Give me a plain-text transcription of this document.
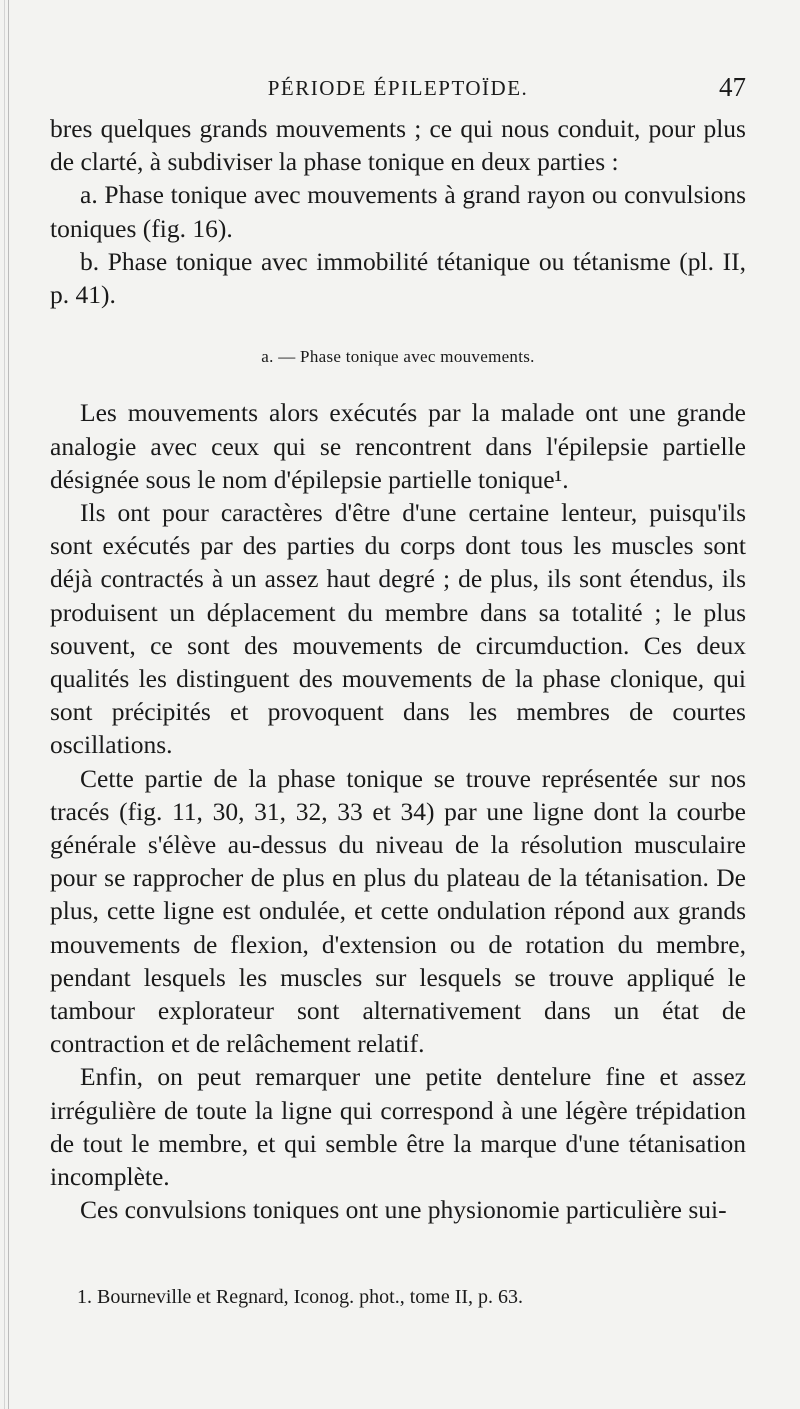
PÉRIODE ÉPILEPTOÏDE.	47

bres quelques grands mouvements ; ce qui nous conduit, pour plus de clarté, à subdiviser la phase tonique en deux parties :

a. Phase tonique avec mouvements à grand rayon ou convulsions toniques (fig. 16).

b. Phase tonique avec immobilité tétanique ou tétanisme (pl. II, p. 41).

a. — Phase tonique avec mouvements.

Les mouvements alors exécutés par la malade ont une grande analogie avec ceux qui se rencontrent dans l'épilepsie partielle désignée sous le nom d'épilepsie partielle tonique¹.

Ils ont pour caractères d'être d'une certaine lenteur, puisqu'ils sont exécutés par des parties du corps dont tous les muscles sont déjà contractés à un assez haut degré ; de plus, ils sont étendus, ils produisent un déplacement du membre dans sa totalité ; le plus souvent, ce sont des mouvements de circumduction. Ces deux qualités les distinguent des mouvements de la phase clonique, qui sont précipités et provoquent dans les membres de courtes oscillations.

Cette partie de la phase tonique se trouve représentée sur nos tracés (fig. 11, 30, 31, 32, 33 et 34) par une ligne dont la courbe générale s'élève au-dessus du niveau de la résolution musculaire pour se rapprocher de plus en plus du plateau de la tétanisation. De plus, cette ligne est ondulée, et cette ondulation répond aux grands mouvements de flexion, d'extension ou de rotation du membre, pendant lesquels les muscles sur lesquels se trouve appliqué le tambour explorateur sont alternativement dans un état de contraction et de relâchement relatif.

Enfin, on peut remarquer une petite dentelure fine et assez irrégulière de toute la ligne qui correspond à une légère trépidation de tout le membre, et qui semble être la marque d'une tétanisation incomplète.

Ces convulsions toniques ont une physionomie particulière sui-

1. Bourneville et Regnard, Iconog. phot., tome II, p. 63.
